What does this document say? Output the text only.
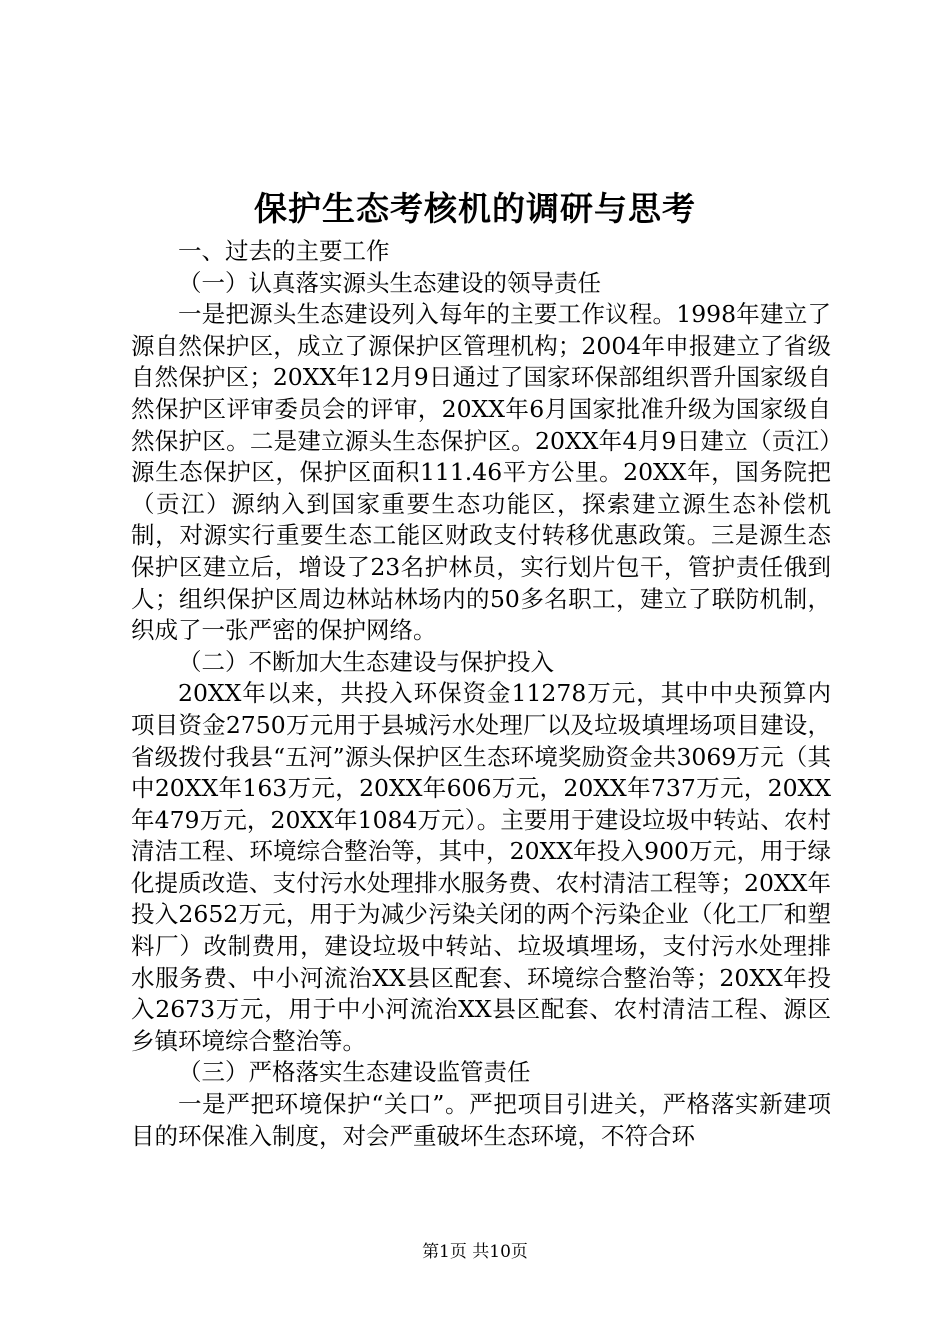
保护生态考核机的调研与思考

一、过去的主要工作

（一）认真落实源头生态建设的领导责任

一是把源头生态建设列入每年的主要工作议程。1998年建立了源自然保护区，成立了源保护区管理机构；2004年申报建立了省级自然保护区；20XX年12月9日通过了国家环保部组织晋升国家级自然保护区评审委员会的评审，20XX年6月国家批准升级为国家级自然保护区。二是建立源头生态保护区。20XX年4月9日建立（贡江）源生态保护区，保护区面积111.46平方公里。20XX年，国务院把（贡江）源纳入到国家重要生态功能区，探索建立源生态补偿机制，对源实行重要生态工能区财政支付转移优惠政策。三是源生态保护区建立后，增设了23名护林员，实行划片包干，管护责任俄到人；组织保护区周边林站林场内的50多名职工，建立了联防机制，织成了一张严密的保护网络。

（二）不断加大生态建设与保护投入

20XX年以来，共投入环保资金11278万元，其中中央预算内项目资金2750万元用于县城污水处理厂以及垃圾填埋场项目建设，省级拨付我县“五河”源头保护区生态环境奖励资金共3069万元（其中20XX年163万元，20XX年606万元，20XX年737万元，20XX年479万元，20XX年1084万元）。主要用于建设垃圾中转站、农村清洁工程、环境综合整治等，其中，20XX年投入900万元，用于绿化提质改造、支付污水处理排水服务费、农村清洁工程等；20XX年投入2652万元，用于为减少污染关闭的两个污染企业（化工厂和塑料厂）改制费用，建设垃圾中转站、垃圾填埋场，支付污水处理排水服务费、中小河流治XX县区配套、环境综合整治等；20XX年投入2673万元，用于中小河流治XX县区配套、农村清洁工程、源区乡镇环境综合整治等。

（三）严格落实生态建设监管责任

一是严把环境保护“关口”。严把项目引进关，严格落实新建项目的环保准入制度，对会严重破坏生态环境，不符合环

第1页 共10页
